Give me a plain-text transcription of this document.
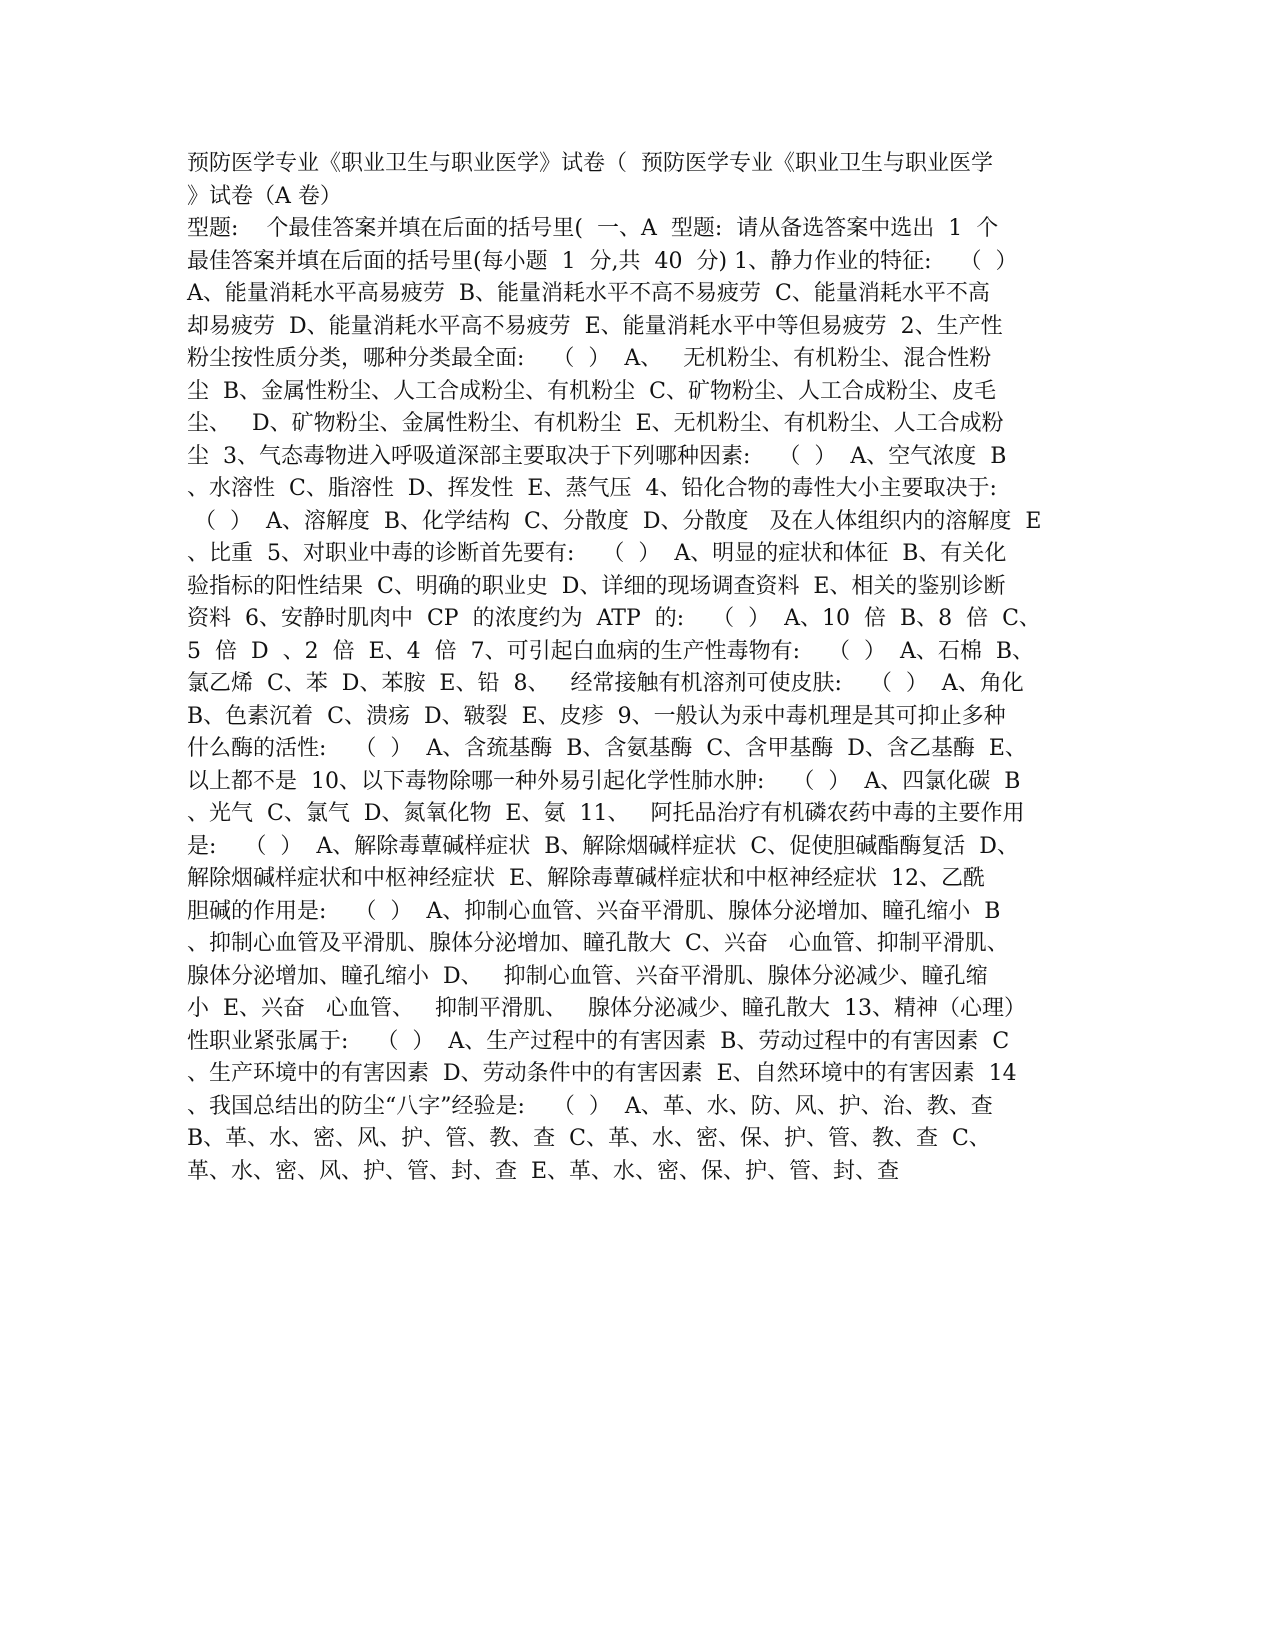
预防医学专业《职业卫生与职业医学》试卷（  预防医学专业《职业卫生与职业医学
》试卷（A 卷）
型题:    个最佳答案并填在后面的括号里(  一、A  型题:  请从备选答案中选出  1  个
最佳答案并填在后面的括号里(每小题  1  分,共  40  分) 1、静力作业的特征:    （  ）
A、能量消耗水平高易疲劳  B、能量消耗水平不高不易疲劳  C、能量消耗水平不高
却易疲劳  D、能量消耗水平高不易疲劳  E、能量消耗水平中等但易疲劳  2、生产性
粉尘按性质分类，哪种分类最全面:    （  ）  A、   无机粉尘、有机粉尘、混合性粉
尘  B、金属性粉尘、人工合成粉尘、有机粉尘  C、矿物粉尘、人工合成粉尘、皮毛
尘、   D、矿物粉尘、金属性粉尘、有机粉尘  E、无机粉尘、有机粉尘、人工合成粉
尘  3、气态毒物进入呼吸道深部主要取决于下列哪种因素:    （  ）  A、空气浓度  B
、水溶性  C、脂溶性  D、挥发性  E、蒸气压  4、铅化合物的毒性大小主要取决于:
（  ）  A、溶解度  B、化学结构  C、分散度  D、分散度   及在人体组织内的溶解度  E
、比重  5、对职业中毒的诊断首先要有:    （  ）  A、明显的症状和体征  B、有关化
验指标的阳性结果  C、明确的职业史  D、详细的现场调查资料  E、相关的鉴别诊断
资料  6、安静时肌肉中  CP  的浓度约为  ATP  的:    （  ）  A、10  倍  B、8  倍  C、
5  倍  D  、2  倍  E、4  倍  7、可引起白血病的生产性毒物有:    （  ）  A、石棉  B、
氯乙烯  C、苯  D、苯胺  E、铅  8、   经常接触有机溶剂可使皮肤:    （  ）  A、角化
B、色素沉着  C、溃疡  D、皲裂  E、皮疹  9、一般认为汞中毒机理是其可抑止多种
什么酶的活性:    （  ）  A、含巯基酶  B、含氨基酶  C、含甲基酶  D、含乙基酶  E、
以上都不是  10、以下毒物除哪一种外易引起化学性肺水肿:    （  ）  A、四氯化碳  B
、光气  C、氯气  D、氮氧化物  E、氨  11、   阿托品治疗有机磷农药中毒的主要作用
是:    （  ）  A、解除毒蕈碱样症状  B、解除烟碱样症状  C、促使胆碱酯酶复活  D、
解除烟碱样症状和中枢神经症状  E、解除毒蕈碱样症状和中枢神经症状  12、乙酰
胆碱的作用是:    （  ）  A、抑制心血管、兴奋平滑肌、腺体分泌增加、瞳孔缩小  B
、抑制心血管及平滑肌、腺体分泌增加、瞳孔散大  C、兴奋   心血管、抑制平滑肌、
腺体分泌增加、瞳孔缩小  D、   抑制心血管、兴奋平滑肌、腺体分泌减少、瞳孔缩
小  E、兴奋   心血管、   抑制平滑肌、   腺体分泌减少、瞳孔散大  13、精神（心理）
性职业紧张属于:    （  ）  A、生产过程中的有害因素  B、劳动过程中的有害因素  C
、生产环境中的有害因素  D、劳动条件中的有害因素  E、自然环境中的有害因素  14
、我国总结出的防尘“八字”经验是:    （  ）  A、革、水、防、风、护、治、教、查
B、革、水、密、风、护、管、教、查  C、革、水、密、保、护、管、教、查  C、
革、水、密、风、护、管、封、查  E、革、水、密、保、护、管、封、查
